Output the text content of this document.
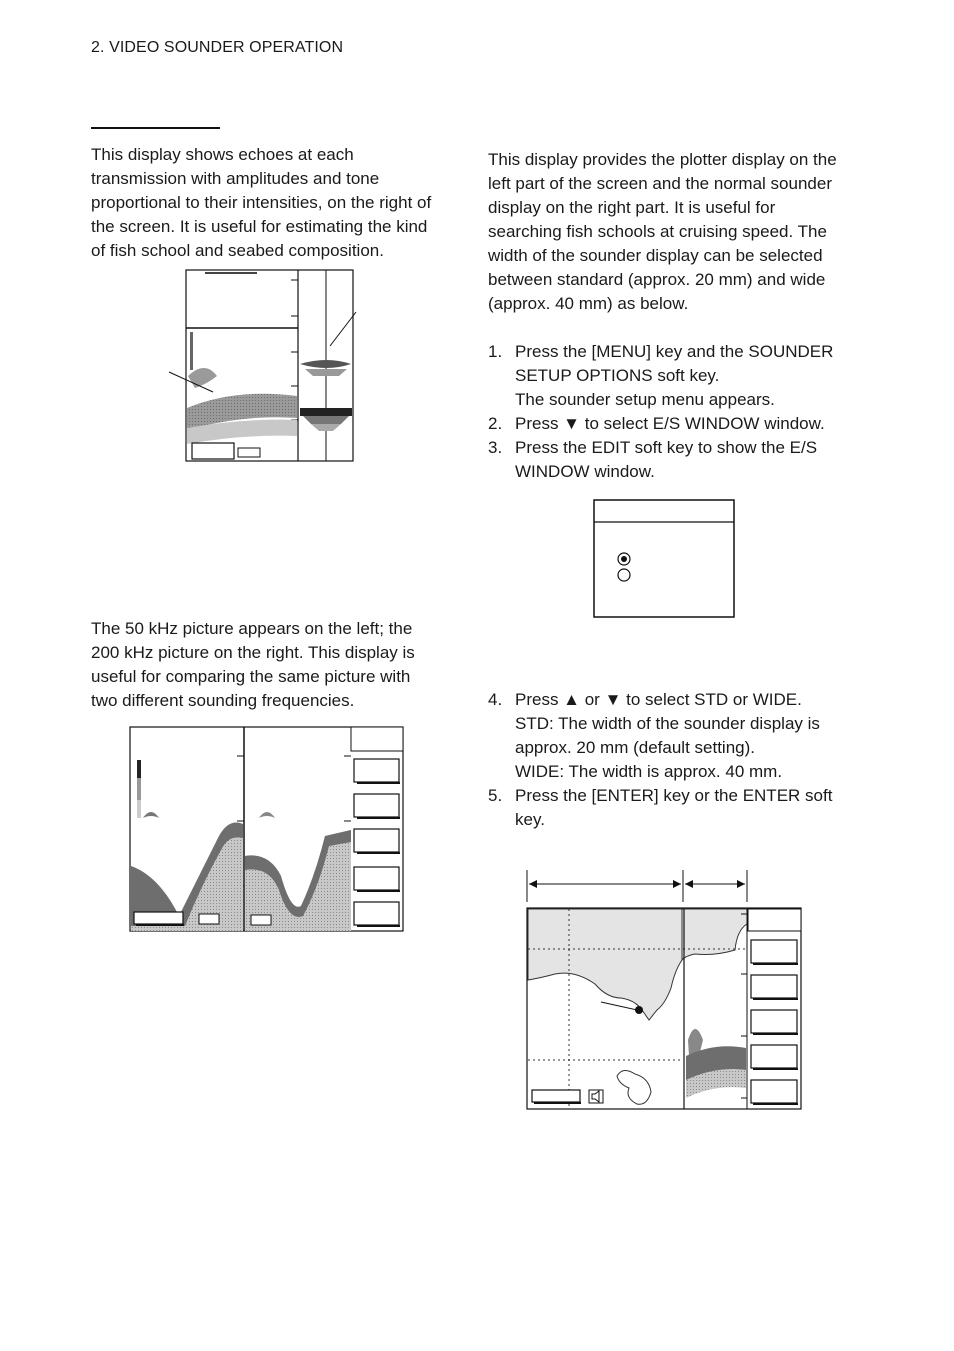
2. VIDEO SOUNDER OPERATION
This display shows echoes at each transmission with amplitudes and tone proportional to their intensities, on the right of the screen. It is useful for estimating the kind of fish school and seabed composition.
The 50 kHz picture appears on the left; the 200 kHz picture on the right. This display is useful for comparing the same picture with two different sounding frequencies.
This display provides the plotter display on the left part of the screen and the normal sounder display on the right part. It is useful for searching fish schools at cruising speed. The width of the sounder display can be selected between standard (approx. 20 mm) and wide (approx. 40 mm) as below.
1. Press the [MENU] key and the SOUNDER SETUP OPTIONS soft key.
The sounder setup menu appears.
2. Press ▼ to select E/S WINDOW window.
3. Press the EDIT soft key to show the E/S WINDOW window.
4. Press ▲ or ▼ to select STD or WIDE.
STD: The width of the sounder display is approx. 20 mm (default setting).
WIDE: The width is approx. 40 mm.
5. Press the [ENTER] key or the ENTER soft key.
